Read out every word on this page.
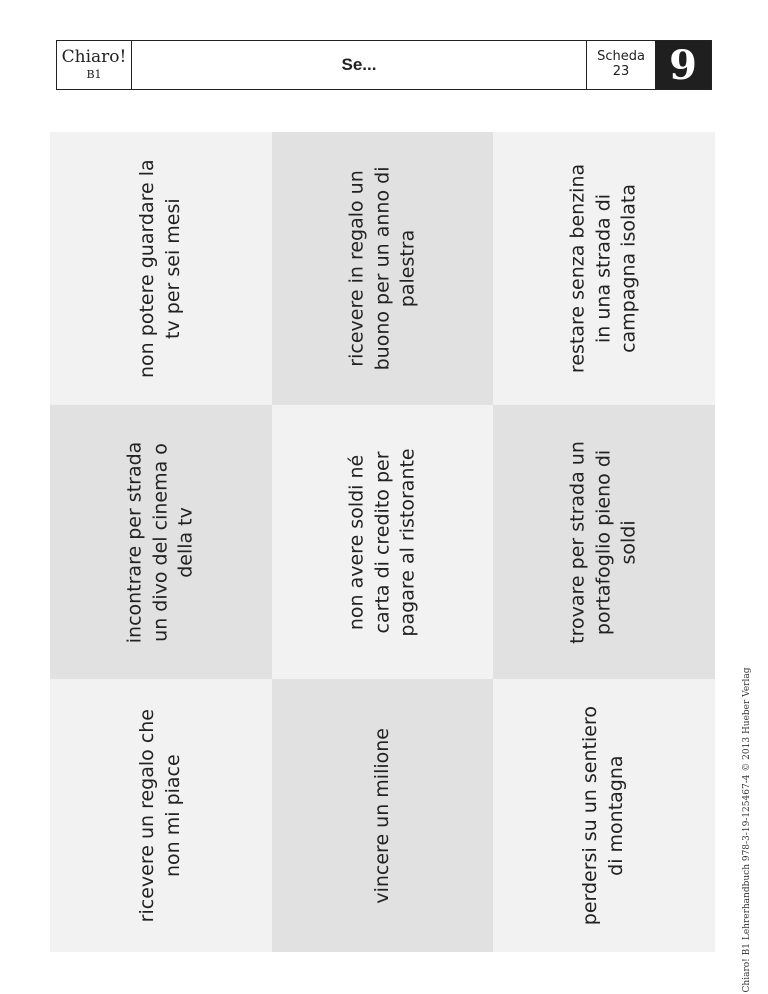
Chiaro!
B1
Se...	Scheda
23 9
non potere guardare la tv per sei mesi	ricevere in regalo un buono per un anno di palestra	restare senza benzina in una strada di campagna isolata
incontrare per strada un divo del cinema o della tv	non avere soldi né carta di credito per pagare al ristorante	trovare per strada un portafoglio pieno di soldi
ricevere un regalo che non mi piace	vincere un milione	perdersi su un sentiero di montagna	Chiaro! B1 Lehrerhandbuch 978-3-19-125467-4 © 2013 Hueber Verlag
